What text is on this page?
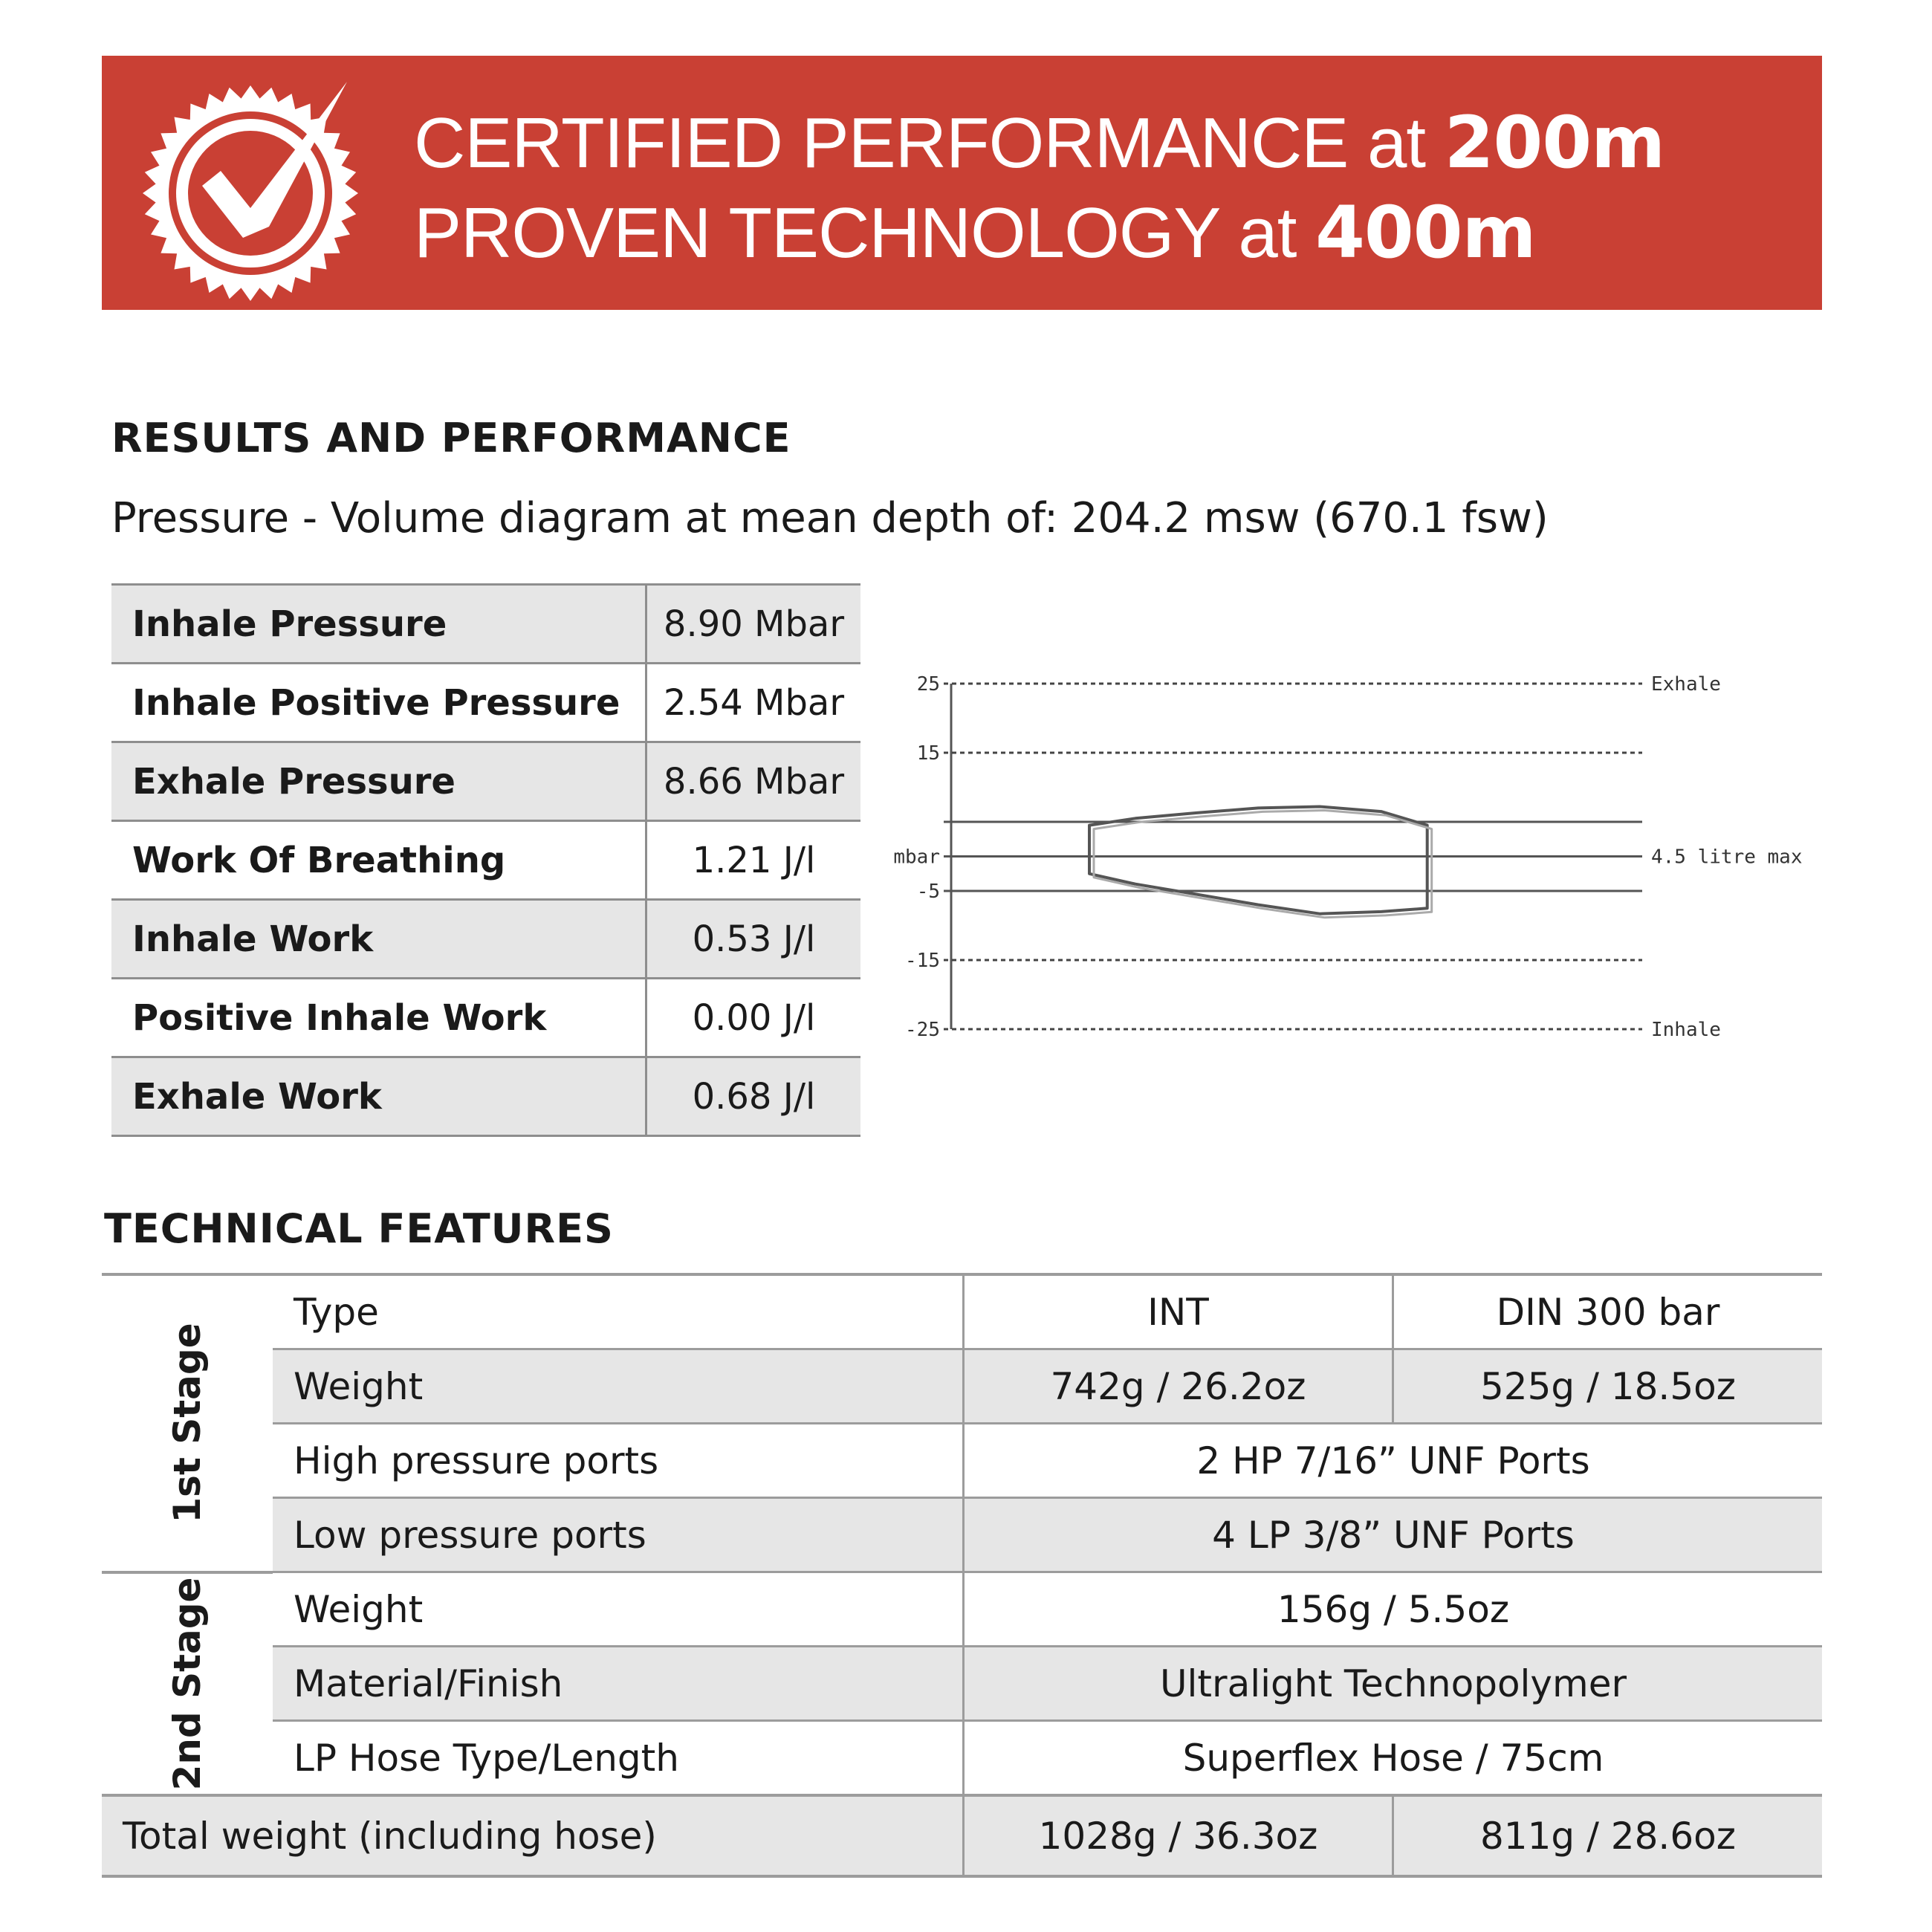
CERTIFIED PERFORMANCE at 200m
PROVEN TECHNOLOGY at 400m
RESULTS AND PERFORMANCE
Pressure - Volume diagram at mean depth of: 204.2 msw (670.1 fsw)
Inhale Pressure	8.90 Mbar
Inhale Positive Pressure	2.54 Mbar
Exhale Pressure	8.66 Mbar
Work Of Breathing	1.21 J/l
Inhale Work	0.53 J/l
Positive Inhale Work	0.00 J/l
Exhale Work	0.68 J/l
25
15
-5
-15
-25
mbar
Exhale
4.5 litre max
Inhale
TECHNICAL FEATURES
1st Stage	Type	INT	DIN 300 bar
	Weight	742g / 26.2oz	525g / 18.5oz
	High pressure ports	2 HP 7/16” UNF Ports	
	Low pressure ports	4 LP 3/8” UNF Ports	

2nd Stage	Weight	156g / 5.5oz	
	Material/Finish	Ultralight Technopolymer	
	LP Hose Type/Length	Superflex Hose / 75cm	
Total weight (including hose)		1028g / 36.3oz	811g / 28.6oz
